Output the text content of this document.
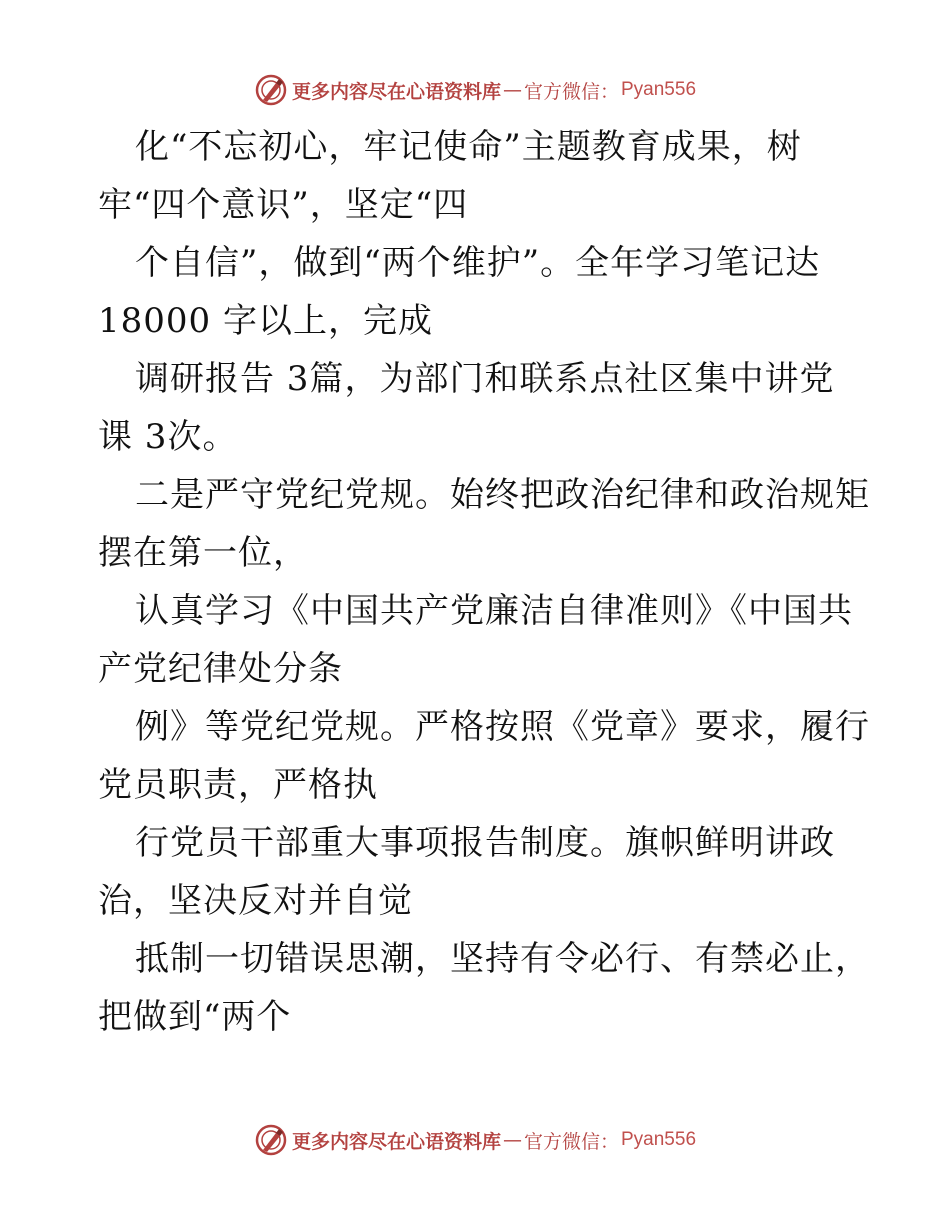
更多内容尽在心语资料库 — 官方微信： Pyan556
化“不忘初心，牢记使命”主题教育成果，树
牢“四个意识”，坚定“四
个自信”，做到“两个维护”。全年学习笔记达
18000 字以上，完成
调研报告 3篇，为部门和联系点社区集中讲党
课 3次。
二是严守党纪党规。始终把政治纪律和政治规矩
摆在第一位，
认真学习《中国共产党廉洁自律准则》《中国共
产党纪律处分条
例》等党纪党规。严格按照《党章》要求，履行
党员职责，严格执
行党员干部重大事项报告制度。旗帜鲜明讲政
治，坚决反对并自觉
抵制一切错误思潮，坚持有令必行、有禁必止，
把做到“两个
更多内容尽在心语资料库 — 官方微信： Pyan556
